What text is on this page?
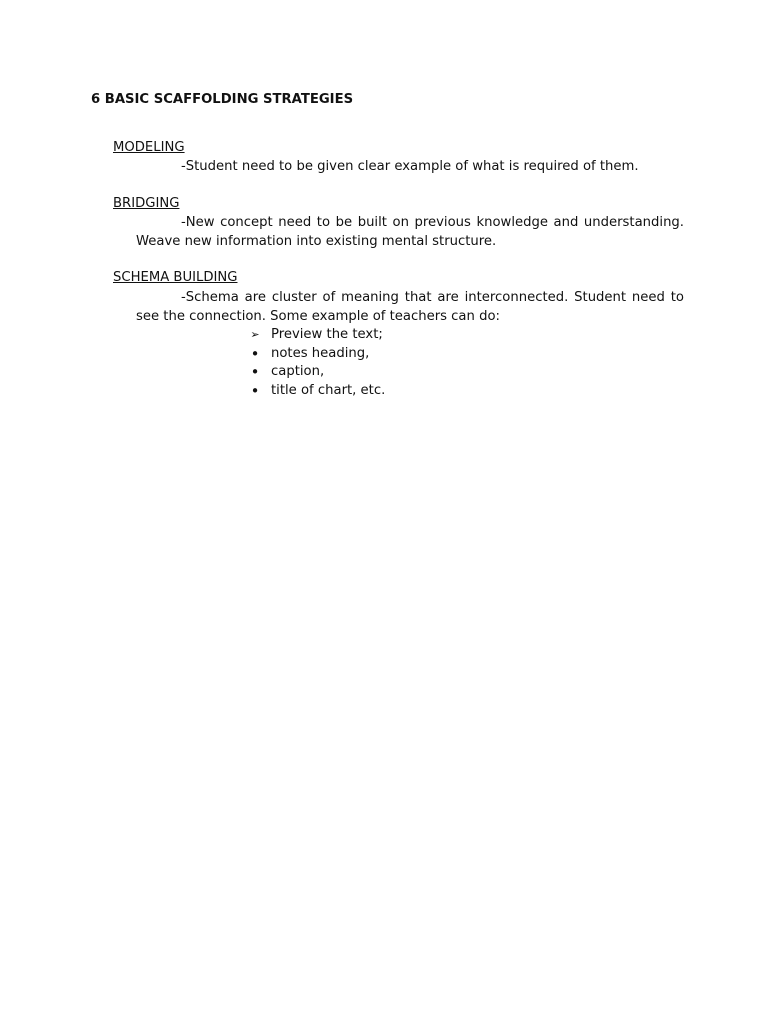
6 BASIC SCAFFOLDING STRATEGIES
MODELING
-Student need to be given clear example of what is required of them.
BRIDGING
-New concept need to be built on previous knowledge and understanding. Weave new information into existing mental structure.
SCHEMA BUILDING
-Schema are cluster of meaning that are interconnected. Student need to see the connection. Some example of teachers can do:
➢ Preview the text;
• notes heading,
• caption,
• title of chart, etc.
